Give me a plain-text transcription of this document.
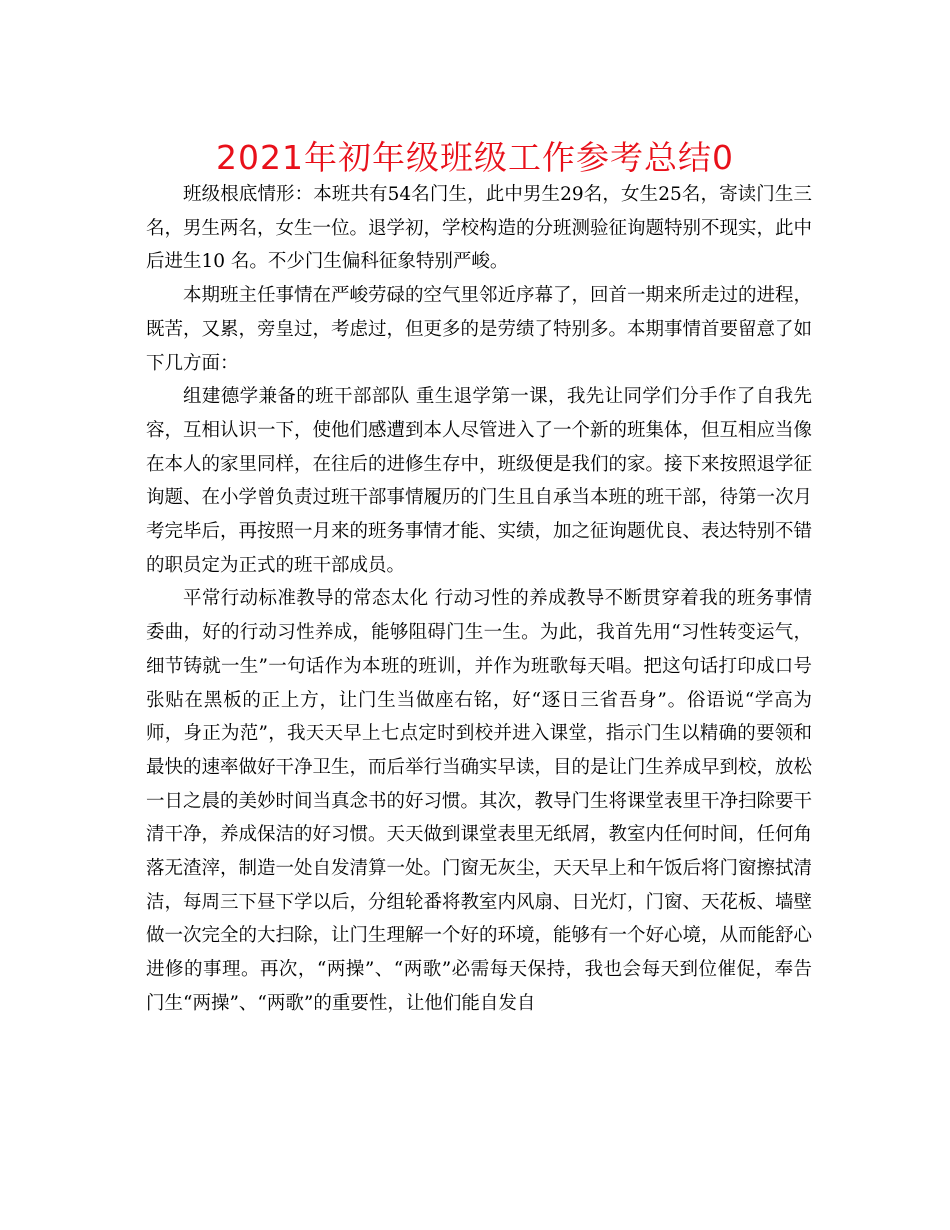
2021年初年级班级工作参考总结0

班级根底情形：本班共有54名门生，此中男生29名，女生25名，寄读门生三名，男生两名，女生一位。退学初，学校构造的分班测验征询题特别不现实，此中后进生10 名。不少门生偏科征象特别严峻。

本期班主任事情在严峻劳碌的空气里邻近序幕了，回首一期来所走过的进程，既苦，又累，旁皇过，考虑过，但更多的是劳绩了特别多。本期事情首要留意了如下几方面：

组建德学兼备的班干部部队 重生退学第一课，我先让同学们分手作了自我先容，互相认识一下，使他们感遭到本人尽管进入了一个新的班集体，但互相应当像在本人的家里同样，在往后的进修生存中，班级便是我们的家。接下来按照退学征询题、在小学曾负责过班干部事情履历的门生且自承当本班的班干部，待第一次月考完毕后，再按照一月来的班务事情才能、实绩，加之征询题优良、表达特别不错的职员定为正式的班干部成员。

平常行动标准教导的常态太化 行动习性的养成教导不断贯穿着我的班务事情委曲，好的行动习性养成，能够阻碍门生一生。为此，我首先用“习性转变运气，细节铸就一生”一句话作为本班的班训，并作为班歌每天唱。把这句话打印成口号张贴在黑板的正上方，让门生当做座右铭，好“逐日三省吾身”。俗语说“学高为师，身正为范”，我天天早上七点定时到校并进入课堂，指示门生以精确的要领和最快的速率做好干净卫生，而后举行当确实早读，目的是让门生养成早到校，放松一日之晨的美妙时间当真念书的好习惯。其次，教导门生将课堂表里干净扫除要干清干净，养成保洁的好习惯。天天做到课堂表里无纸屑，教室内任何时间，任何角落无渣滓，制造一处自发清算一处。门窗无灰尘，天天早上和午饭后将门窗擦拭清洁，每周三下昼下学以后，分组轮番将教室内风扇、日光灯，门窗、天花板、墙壁做一次完全的大扫除，让门生理解一个好的环境，能够有一个好心境，从而能舒心进修的事理。再次，“两操”、“两歌”必需每天保持，我也会每天到位催促，奉告门生“两操”、“两歌”的重要性，让他们能自发自
